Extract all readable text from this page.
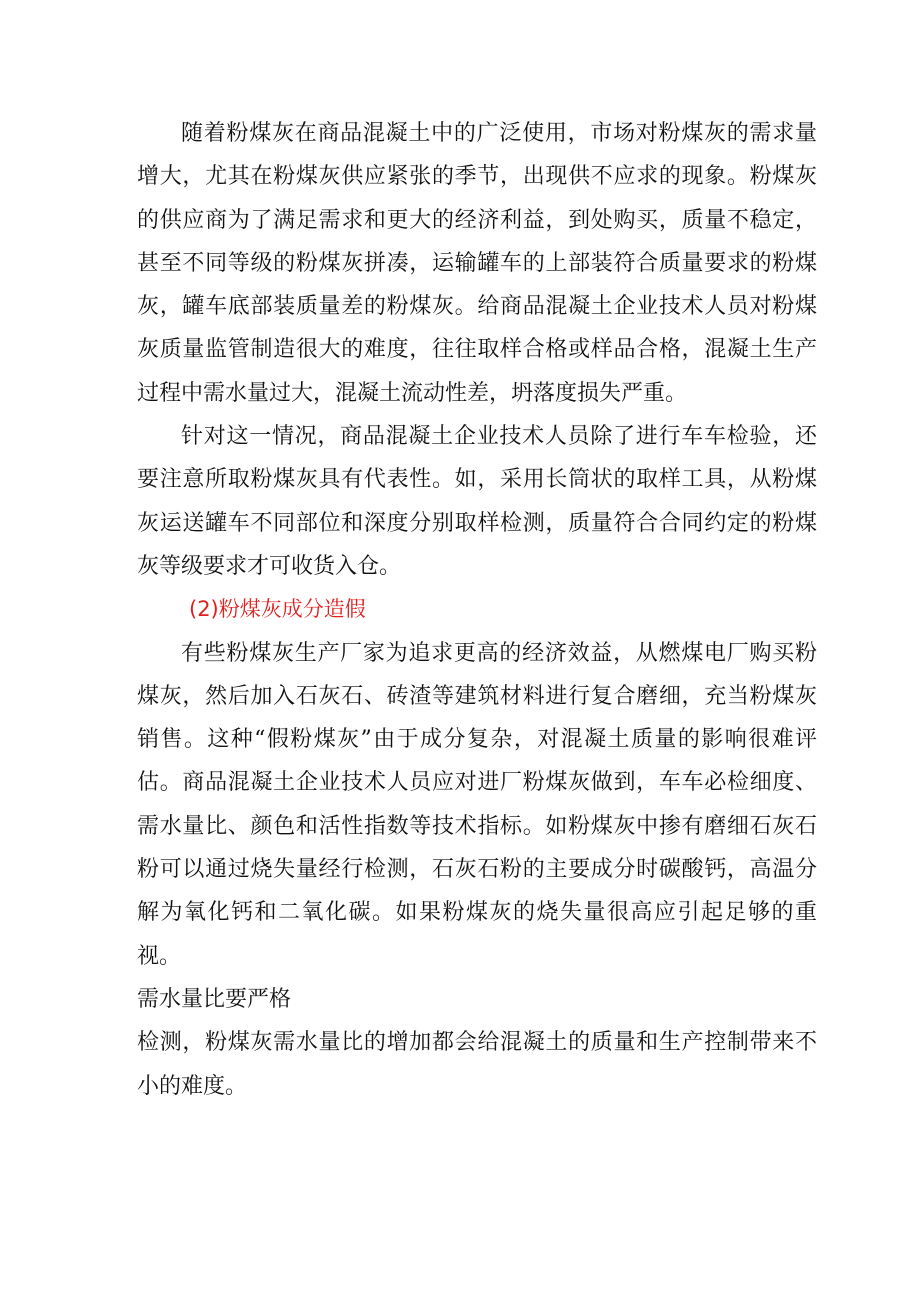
随着粉煤灰在商品混凝土中的广泛使用，市场对粉煤灰的需求量增大，尤其在粉煤灰供应紧张的季节，出现供不应求的现象。粉煤灰的供应商为了满足需求和更大的经济利益，到处购买，质量不稳定，甚至不同等级的粉煤灰拼凑，运输罐车的上部装符合质量要求的粉煤灰，罐车底部装质量差的粉煤灰。给商品混凝土企业技术人员对粉煤灰质量监管制造很大的难度，往往取样合格或样品合格，混凝土生产过程中需水量过大，混凝土流动性差，坍落度损失严重。

针对这一情况，商品混凝土企业技术人员除了进行车车检验，还要注意所取粉煤灰具有代表性。如，采用长筒状的取样工具，从粉煤灰运送罐车不同部位和深度分别取样检测，质量符合合同约定的粉煤灰等级要求才可收货入仓。

(2)粉煤灰成分造假

有些粉煤灰生产厂家为追求更高的经济效益，从燃煤电厂购买粉煤灰，然后加入石灰石、砖渣等建筑材料进行复合磨细，充当粉煤灰销售。这种“假粉煤灰”由于成分复杂，对混凝土质量的影响很难评估。商品混凝土企业技术人员应对进厂粉煤灰做到，车车必检细度、需水量比、颜色和活性指数等技术指标。如粉煤灰中掺有磨细石灰石粉可以通过烧失量经行检测，石灰石粉的主要成分时碳酸钙，高温分解为氧化钙和二氧化碳。如果粉煤灰的烧失量很高应引起足够的重视。

需水量比要严格

检测，粉煤灰需水量比的增加都会给混凝土的质量和生产控制带来不小的难度。
